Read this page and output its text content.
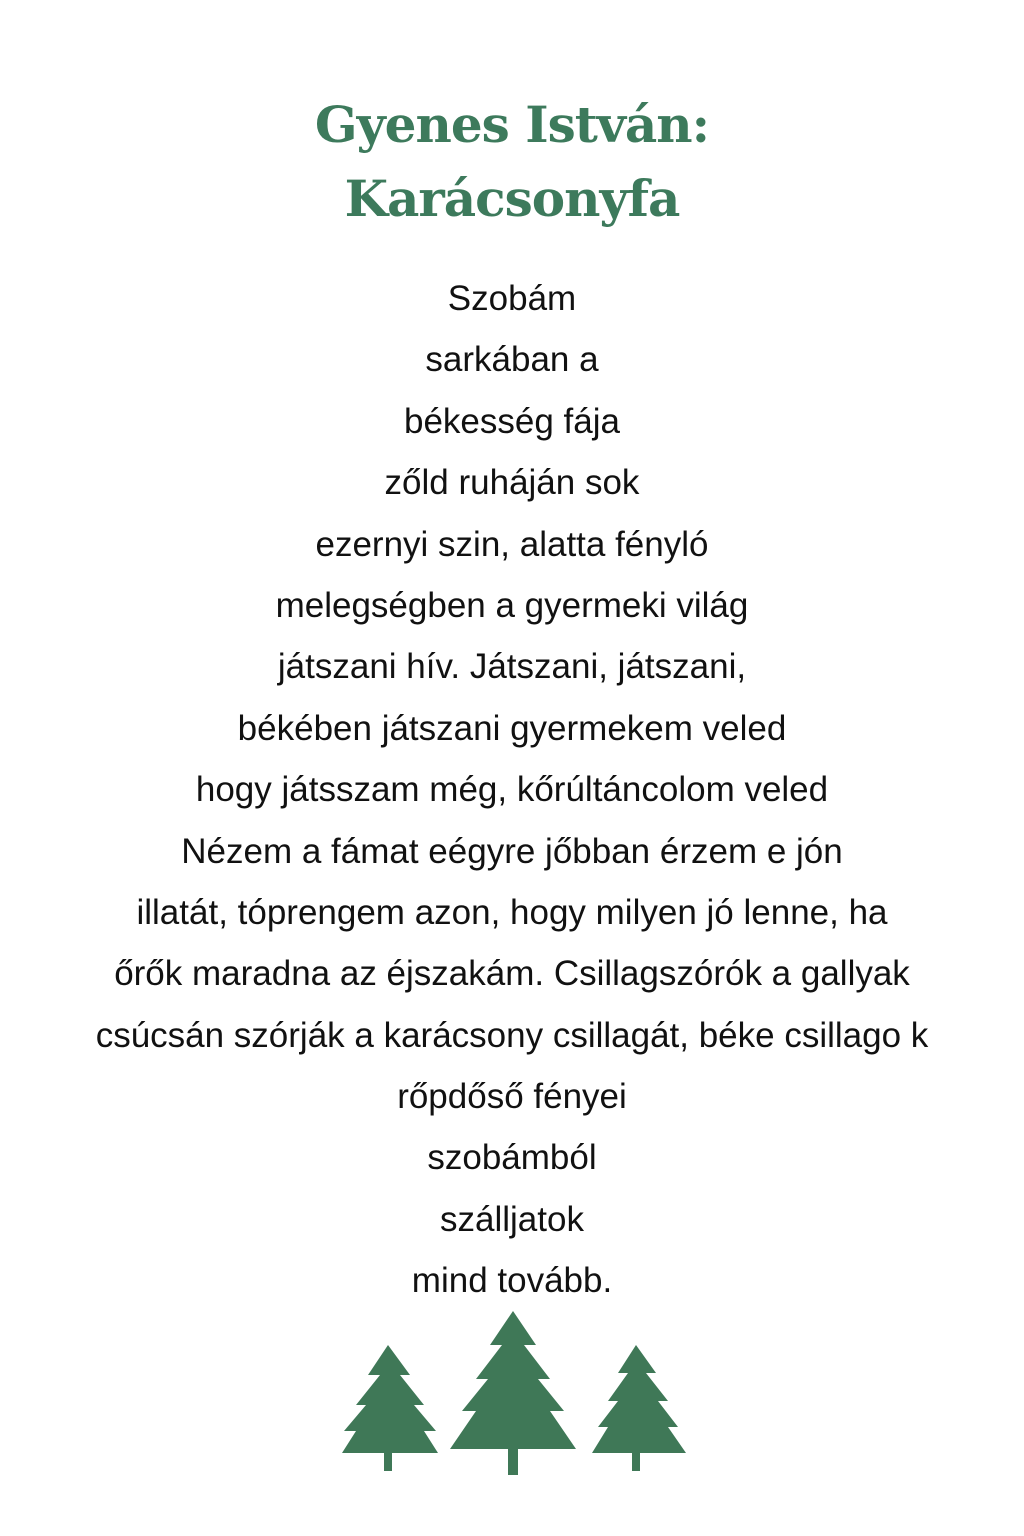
Gyenes István:
Karácsonyfa
Szobám
sarkában a
békesség fája
zőld ruháján sok
ezernyi szin, alatta fényló
melegségben a gyermeki világ
játszani hív. Játszani, játszani,
békében játszani gyermekem veled
hogy játsszam még, kőrúltáncolom veled
Nézem a fámat eégyre jőbban érzem e jón
illatát, tóprengem azon, hogy milyen jó lenne, ha
őrők maradna az éjszakám. Csillagszórók a gallyak
csúcsán szórják a karácsony csillagát, béke csillago k
rőpdőső fényei
szobámból
szálljatok
mind tovább.
